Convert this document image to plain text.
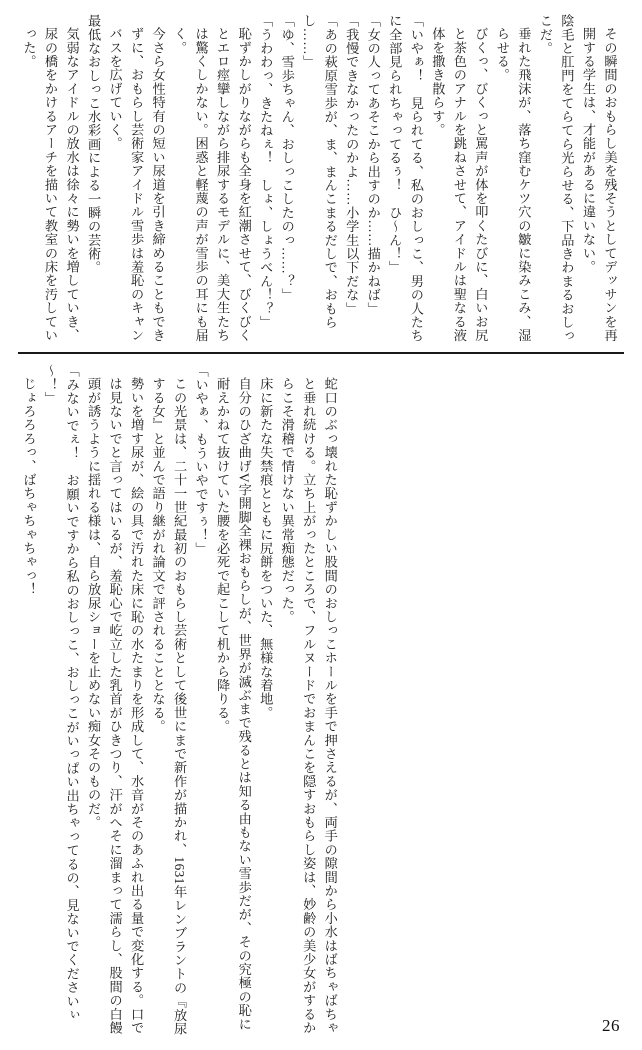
気弱なアイドルの放水は徐々に勢いを増していき、尿の橋をかけるアーチを描いて教室の床を汚していった。	最低なおしっこ水彩画による一瞬の芸術。	今さら女性特有の短い尿道を引き締めることもできずに、おもらし芸術家アイドル雪歩は羞恥のキャンバスを広げていく。	恥ずかしがりながらも全身を紅潮させて、びくびくとエロ痙攣しながら排尿するモデルに、美大生たちは驚くしかない。困惑と軽蔑の声が雪歩の耳にも届く。	「うわわっ、きたねぇ！　しょ、しょうべん！？」 「ゆ、雪歩ちゃん、おしっこしたのっ……？」	「あの萩原雪歩が、ま、まんこまるだしで、おもらし……」	「我慢できなかったのかよ……小学生以下だな」 「女の人ってあそこから出すのか……描かねば」	「いやぁ！　見られてる、私のおしっこ、男の人たちに全部見られちゃってるぅ！　ひ～ん！」	びくっ、びくっと罵声が体を叩くたびに、白いお尻と茶色のアナルを跳ねさせて、アイドルは聖なる液体を撒き散らす。	垂れた飛沫が、落ち窪むケツ穴の皺に染みこみ、湿らせる。	陰毛と肛門をてらてら光らせる、下品きわまるおしっこだ。	その瞬間のおもらし美を残そうとしてデッサンを再開する学生は、才能があるに違いない。

じょろろろっ、ばちゃちゃちゃっ！	「みないでぇ！　お願いですから私のおしっこ、おしっこがいっぱい出ちゃってるの、見ないでくださいぃ～！」	勢いを増す尿が、絵の具で汚れた床に恥の水たまりを形成して、水音がそのあふれ出る量で変化する。口では見ないでと言ってはいるが、羞恥心で屹立した乳首がひきつり、汗がへそに溜まって濡らし、股間の白饅頭が誘うように揺れる様は、自ら放尿ショーを止めない痴女そのものだ。	この光景は、二十一世紀最初のおもらし芸術として後世にまで新作が描かれ、1631年レンブラントの『放尿する女』と並んで語り継がれ論文で評されることとなる。	「いやぁ、もういやですぅ！」	自分のひざ曲げV字開脚全裸おもらしが、世界が滅ぶまで残るとは知る由もない雪歩だが、その究極の恥に耐えかねて抜けていた腰を必死で起こして机から降りる。	床に新たな失禁痕とともに尻餅をついた、無様な着地。	蛇口のぶっ壊れた恥ずかしい股間のおしっこホールを手で押さえるが、両手の隙間から小水はばちゃばちゃと垂れ続ける。立ち上がったところで、フルヌードでおまんこを隠すおもらし姿は、妙齢の美少女がするからこそ滑稽で情けない異常痴態だった。

26
